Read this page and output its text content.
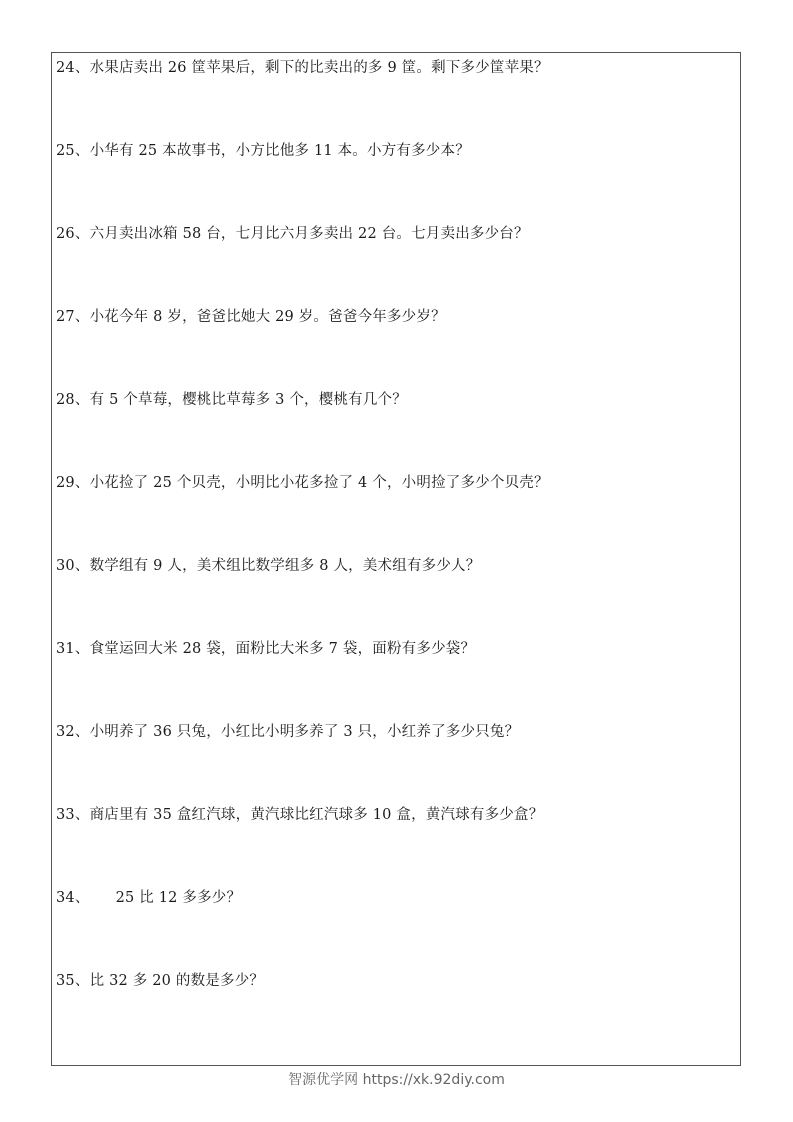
24、水果店卖出 26 筐苹果后，剩下的比卖出的多 9 筐。剩下多少筐苹果？
25、小华有 25 本故事书，小方比他多 11 本。小方有多少本？
26、六月卖出冰箱 58 台，七月比六月多卖出 22 台。七月卖出多少台？
27、小花今年 8 岁，爸爸比她大 29 岁。爸爸今年多少岁？
28、有 5 个草莓，樱桃比草莓多 3 个，樱桃有几个？
29、小花捡了 25 个贝壳，小明比小花多捡了 4 个，小明捡了多少个贝壳？
30、数学组有 9 人，美术组比数学组多 8 人，美术组有多少人？
31、食堂运回大米 28 袋，面粉比大米多 7 袋，面粉有多少袋？
32、小明养了 36 只兔，小红比小明多养了 3 只，小红养了多少只兔？
33、商店里有 35 盒红汽球，黄汽球比红汽球多 10 盒，黄汽球有多少盒？
34、 25 比 12 多多少？
35、比 32 多 20 的数是多少？
智源优学网 https://xk.92diy.com
